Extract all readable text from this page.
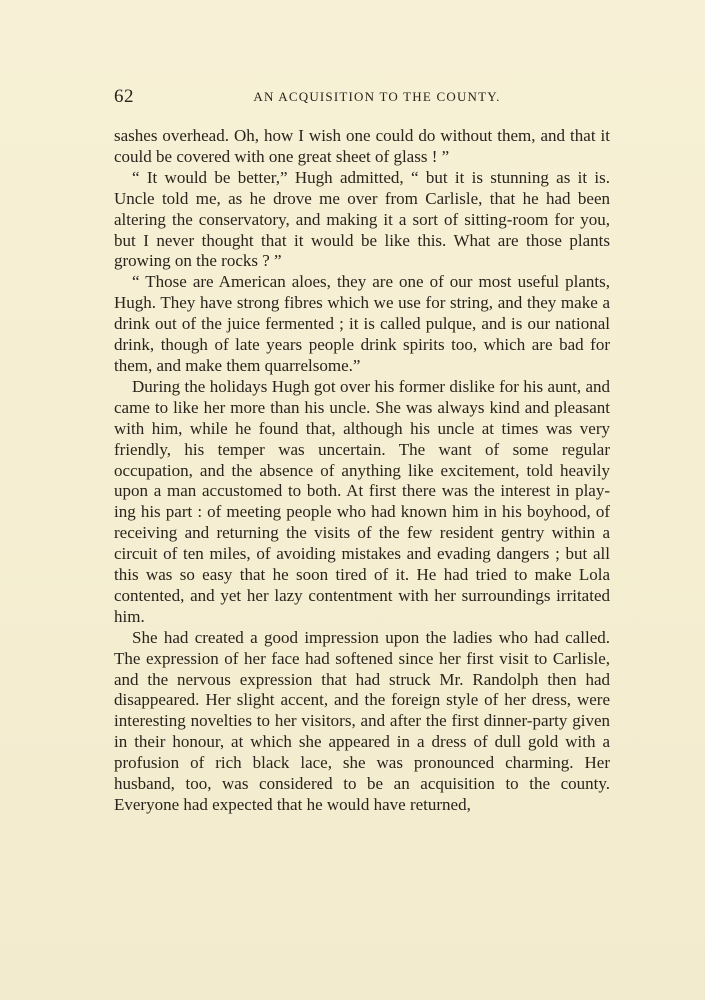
62	AN ACQUISITION TO THE COUNTY.

sashes overhead. Oh, how I wish one could do without them, and that it could be covered with one great sheet of glass ! ”

“ It would be better,” Hugh admitted, “ but it is stunning as it is. Uncle told me, as he drove me over from Carlisle, that he had been altering the conservatory, and making it a sort of sitting-room for you, but I never thought that it would be like this. What are those plants growing on the rocks ? ”

“ Those are American aloes, they are one of our most useful plants, Hugh. They have strong fibres which we use for string, and they make a drink out of the juice fermented ; it is called pulque, and is our national drink, though of late years people drink spirits too, which are bad for them, and make them quarrelsome.”

During the holidays Hugh got over his former dislike for his aunt, and came to like her more than his uncle. She was always kind and pleasant with him, while he found that, although his uncle at times was very friendly, his temper was uncertain. The want of some regular occupation, and the absence of anything like excitement, told heavily upon a man accustomed to both. At first there was the interest in play-ing his part : of meeting people who had known him in his boyhood, of receiving and returning the visits of the few resident gentry within a circuit of ten miles, of avoiding mistakes and evading dangers ; but all this was so easy that he soon tired of it. He had tried to make Lola contented, and yet her lazy contentment with her surroundings irritated him.

She had created a good impression upon the ladies who had called. The expression of her face had softened since her first visit to Carlisle, and the nervous expression that had struck Mr. Randolph then had disappeared. Her slight accent, and the foreign style of her dress, were interesting novelties to her visitors, and after the first dinner-party given in their honour, at which she appeared in a dress of dull gold with a profusion of rich black lace, she was pronounced charming. Her husband, too, was considered to be an acquisition to the county. Everyone had expected that he would have returned,
